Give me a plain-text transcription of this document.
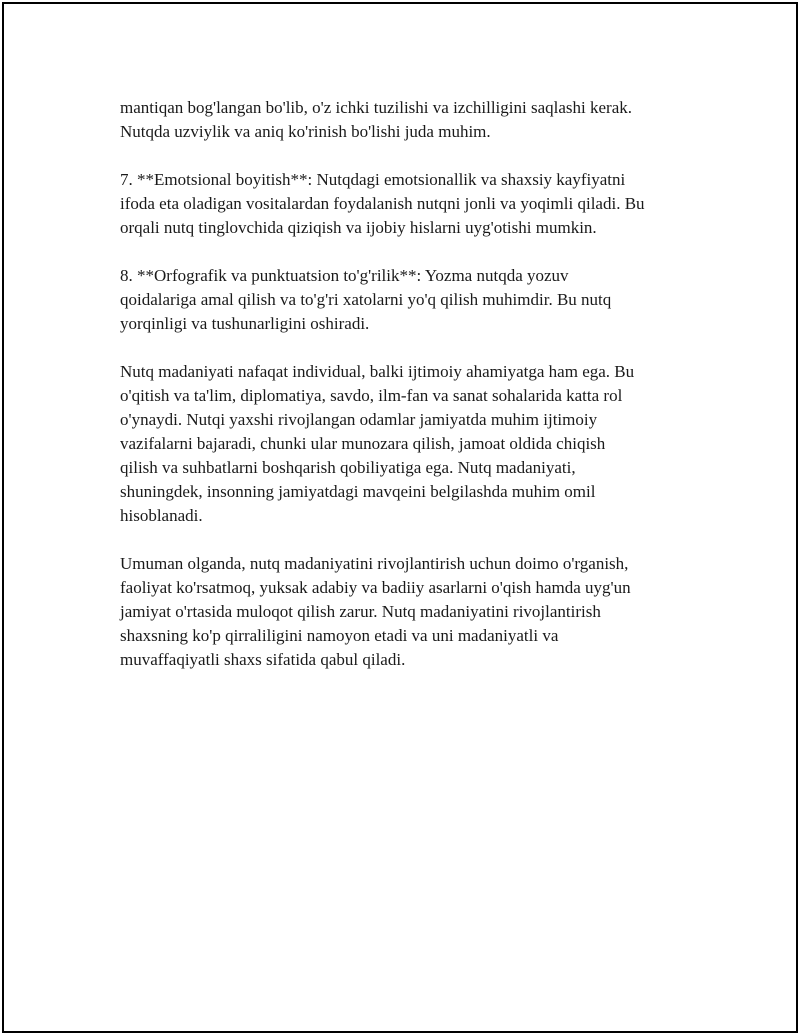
mantiqan bog'langan bo'lib, o'z ichki tuzilishi va izchilligini saqlashi kerak.
Nutqda uzviylik va aniq ko'rinish bo'lishi juda muhim.

7. **Emotsional boyitish**: Nutqdagi emotsionallik va shaxsiy kayfiyatni
ifoda eta oladigan vositalardan foydalanish nutqni jonli va yoqimli qiladi. Bu
orqali nutq tinglovchida qiziqish va ijobiy hislarni uyg'otishi mumkin.

8. **Orfografik va punktuatsion to'g'rilik**: Yozma nutqda yozuv
qoidalariga amal qilish va to'g'ri xatolarni yo'q qilish muhimdir. Bu nutq
yorqinligi va tushunarligini oshiradi.

Nutq madaniyati nafaqat individual, balki ijtimoiy ahamiyatga ham ega. Bu
o'qitish va ta'lim, diplomatiya, savdo, ilm-fan va sanat sohalarida katta rol
o'ynaydi. Nutqi yaxshi rivojlangan odamlar jamiyatda muhim ijtimoiy
vazifalarni bajaradi, chunki ular munozara qilish, jamoat oldida chiqish
qilish va suhbatlarni boshqarish qobiliyatiga ega. Nutq madaniyati,
shuningdek, insonning jamiyatdagi mavqeini belgilashda muhim omil
hisoblanadi.

Umuman olganda, nutq madaniyatini rivojlantirish uchun doimo o'rganish,
faoliyat ko'rsatmoq, yuksak adabiy va badiiy asarlarni o'qish hamda uyg'un
jamiyat o'rtasida muloqot qilish zarur. Nutq madaniyatini rivojlantirish
shaxsning ko'p qirraliligini namoyon etadi va uni madaniyatli va
muvaffaqiyatli shaxs sifatida qabul qiladi.
